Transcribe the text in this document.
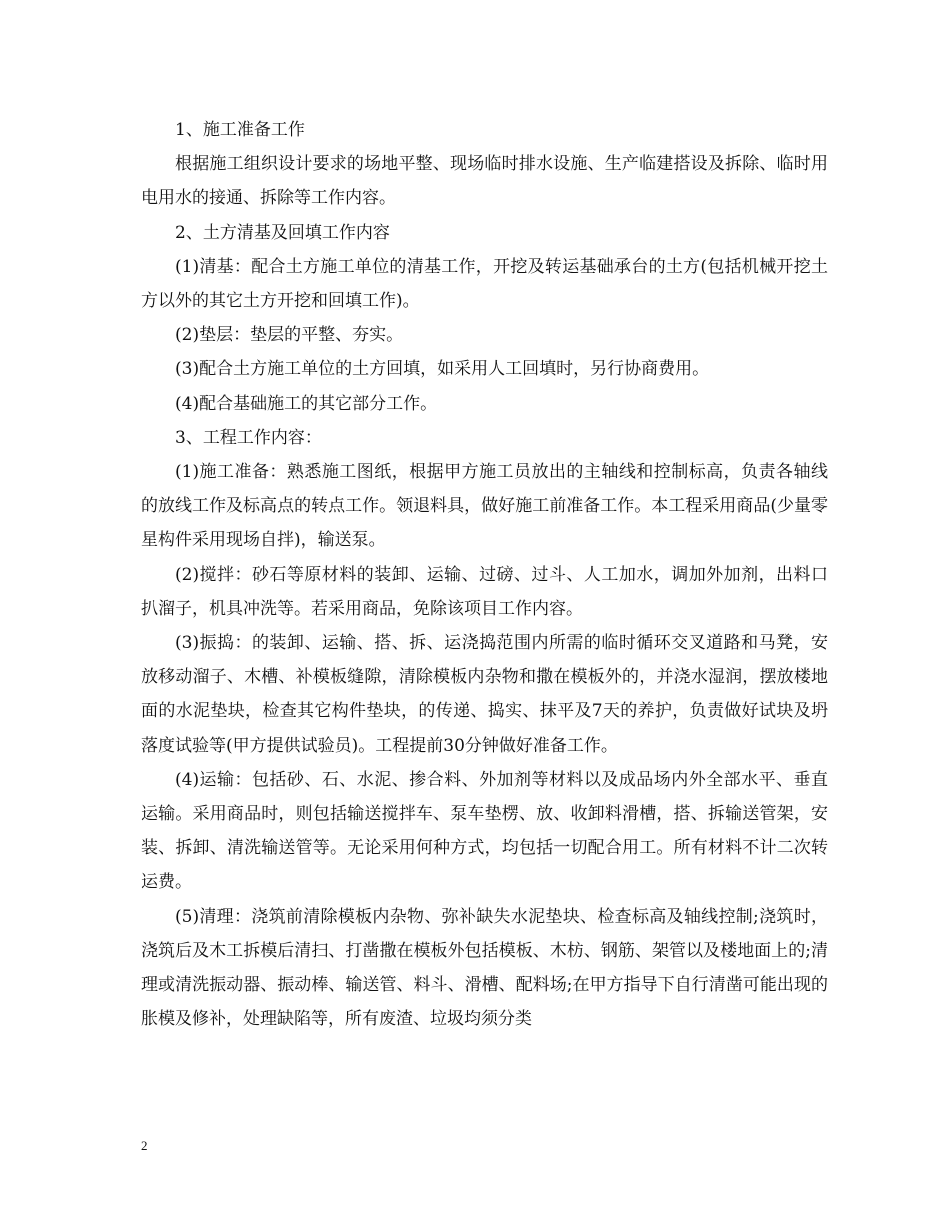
1、施工准备工作

根据施工组织设计要求的场地平整、现场临时排水设施、生产临建搭设及拆除、临时用电用水的接通、拆除等工作内容。

2、土方清基及回填工作内容

(1)清基：配合土方施工单位的清基工作，开挖及转运基础承台的土方(包括机械开挖土方以外的其它土方开挖和回填工作)。

(2)垫层：垫层的平整、夯实。

(3)配合土方施工单位的土方回填，如采用人工回填时，另行协商费用。

(4)配合基础施工的其它部分工作。

3、工程工作内容：

(1)施工准备：熟悉施工图纸，根据甲方施工员放出的主轴线和控制标高，负责各轴线的放线工作及标高点的转点工作。领退料具，做好施工前准备工作。本工程采用商品(少量零星构件采用现场自拌)，输送泵。

(2)搅拌：砂石等原材料的装卸、运输、过磅、过斗、人工加水，调加外加剂，出料口扒溜子，机具冲洗等。若采用商品，免除该项目工作内容。

(3)振捣：的装卸、运输、搭、拆、运浇捣范围内所需的临时循环交叉道路和马凳，安放移动溜子、木槽、补模板缝隙，清除模板内杂物和撒在模板外的，并浇水湿润，摆放楼地面的水泥垫块，检查其它构件垫块，的传递、捣实、抹平及7天的养护，负责做好试块及坍落度试验等(甲方提供试验员)。工程提前30分钟做好准备工作。

(4)运输：包括砂、石、水泥、掺合料、外加剂等材料以及成品场内外全部水平、垂直运输。采用商品时，则包括输送搅拌车、泵车垫楞、放、收卸料滑槽，搭、拆输送管架，安装、拆卸、清洗输送管等。无论采用何种方式，均包括一切配合用工。所有材料不计二次转运费。

(5)清理：浇筑前清除模板内杂物、弥补缺失水泥垫块、检查标高及轴线控制;浇筑时，浇筑后及木工拆模后清扫、打凿撒在模板外包括模板、木枋、钢筋、架管以及楼地面上的;清理或清洗振动器、振动棒、输送管、料斗、滑槽、配料场;在甲方指导下自行清凿可能出现的胀模及修补，处理缺陷等，所有废渣、垃圾均须分类

2
